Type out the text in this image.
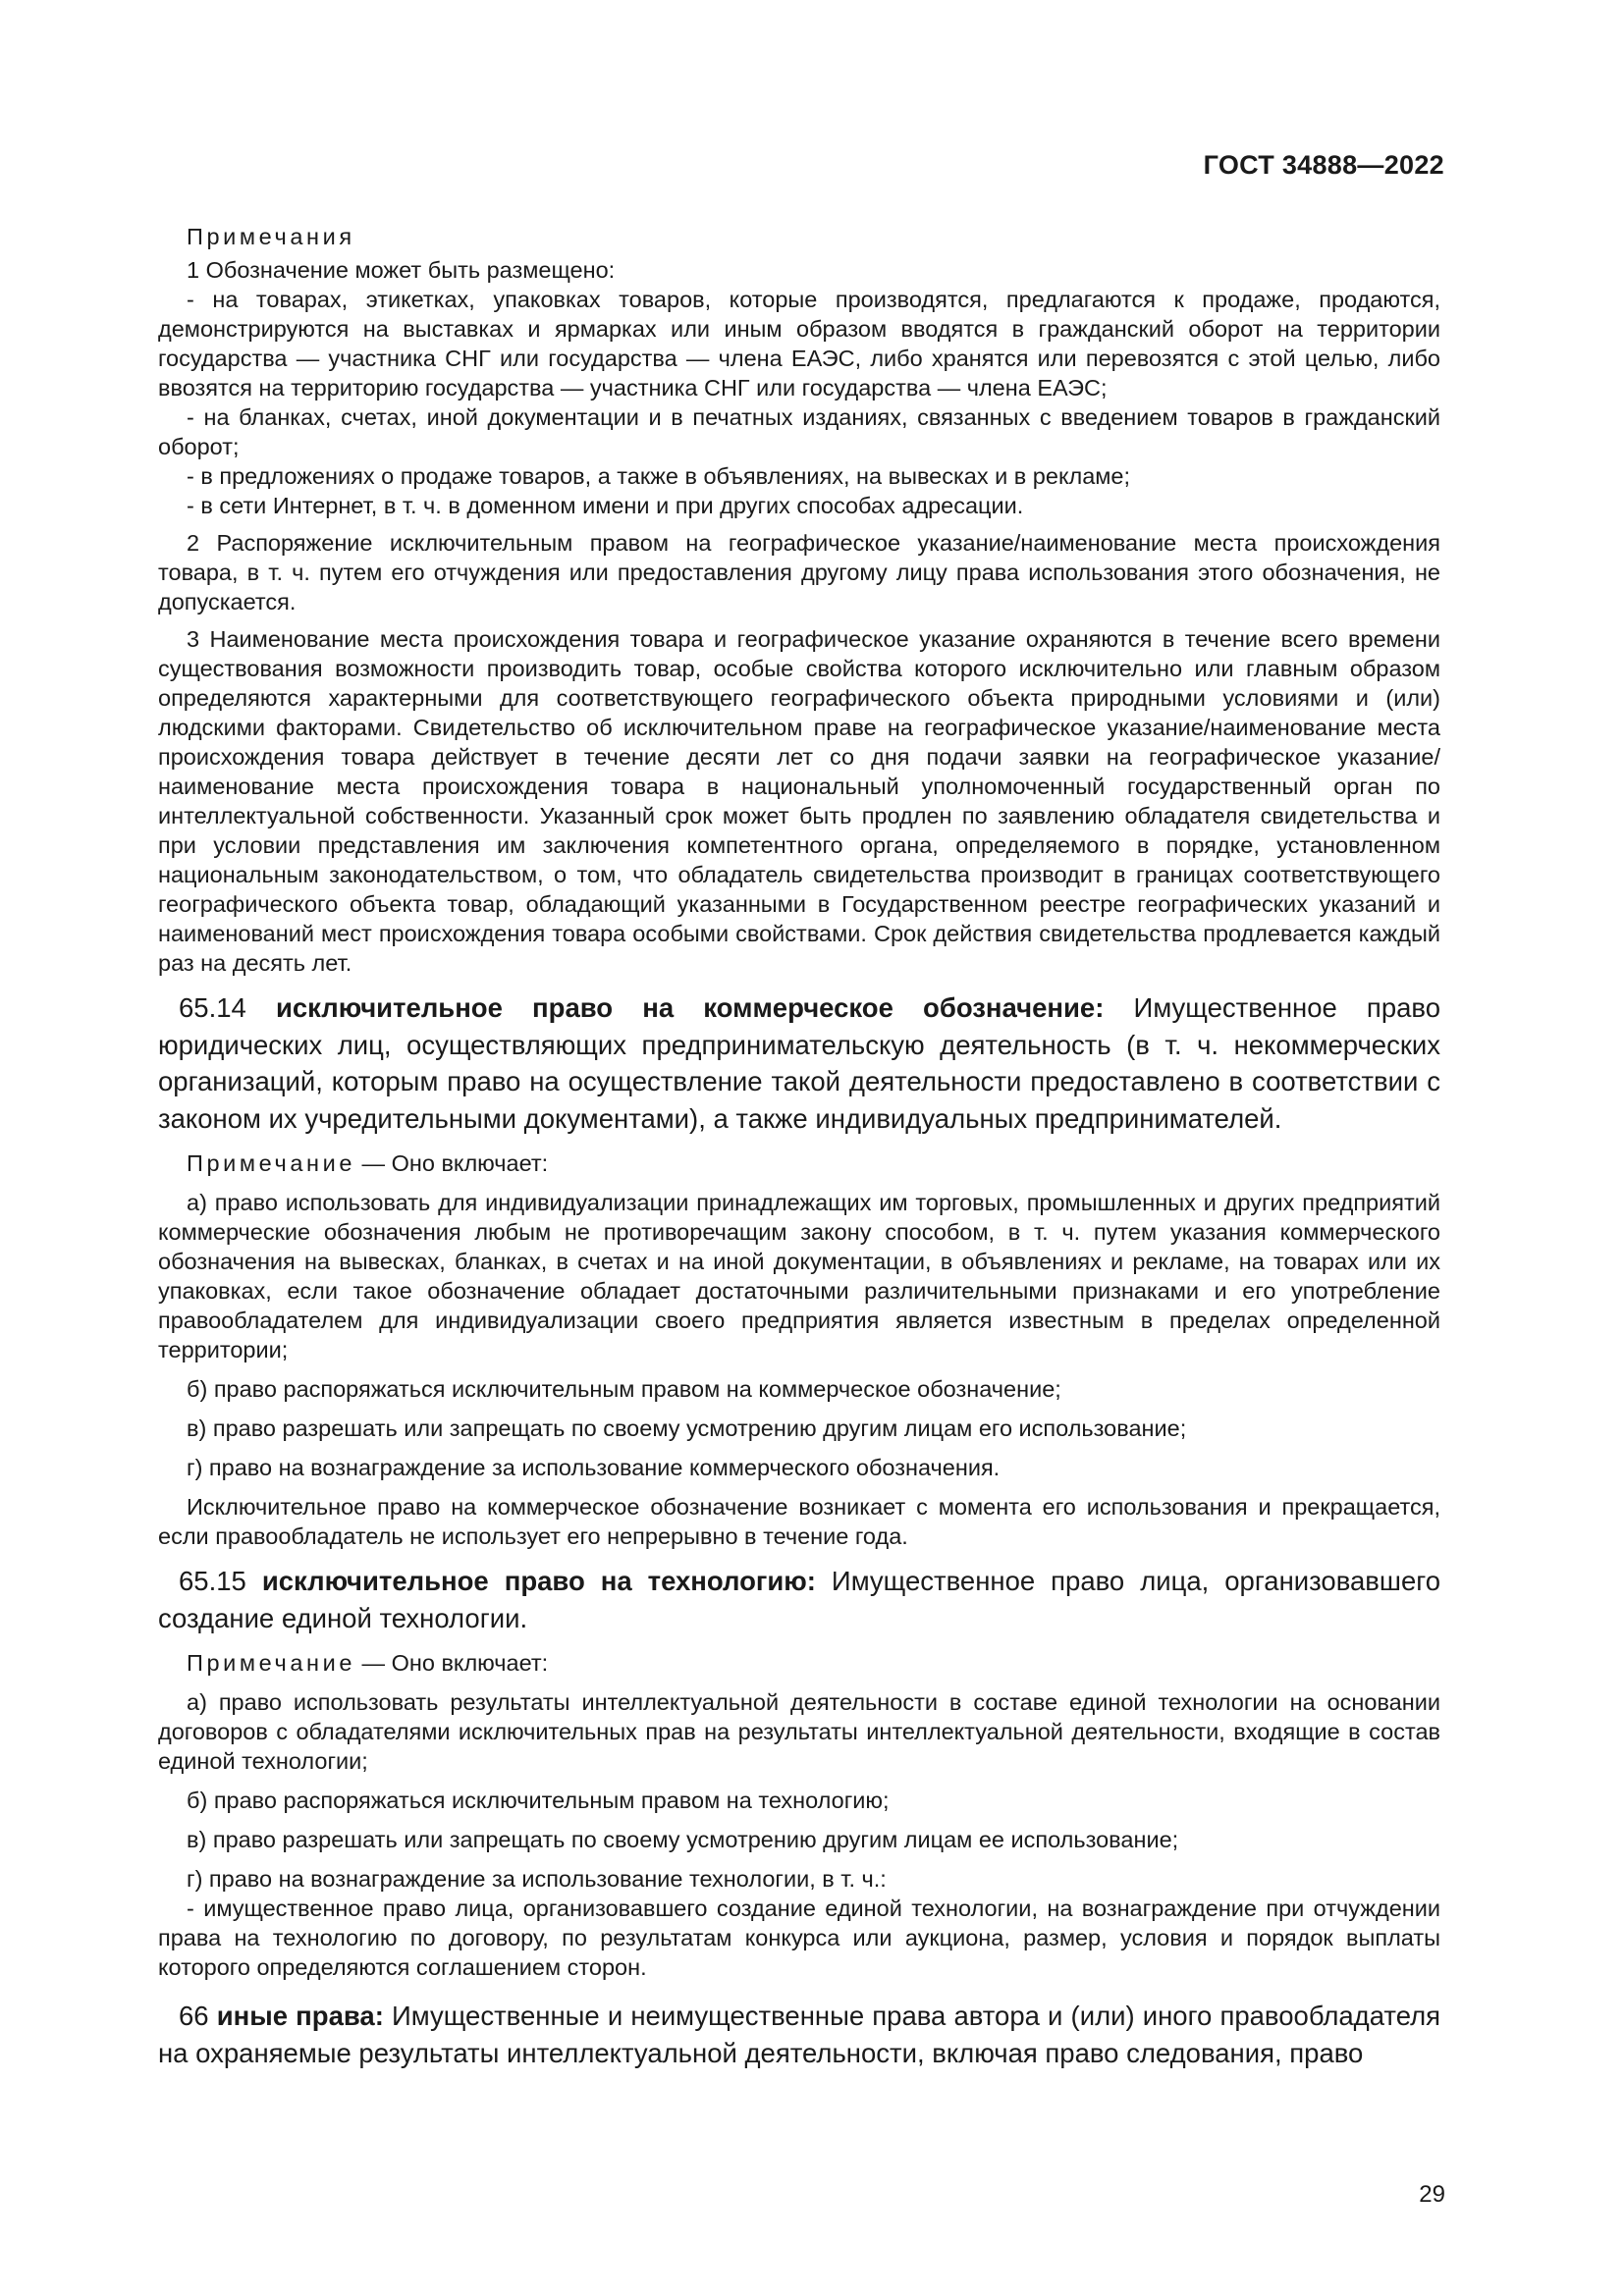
ГОСТ 34888—2022

Примечания

1 Обозначение может быть размещено:

- на товарах, этикетках, упаковках товаров, которые производятся, предлагаются к продаже, продаются, демонстрируются на выставках и ярмарках или иным образом вводятся в гражданский оборот на территории государства — участника СНГ или государства — члена ЕАЭС, либо хранятся или перевозятся с этой целью, либо ввозятся на территорию государства — участника СНГ или государства — члена ЕАЭС;

- на бланках, счетах, иной документации и в печатных изданиях, связанных с введением товаров в гражданский оборот;

- в предложениях о продаже товаров, а также в объявлениях, на вывесках и в рекламе;

- в сети Интернет, в т. ч. в доменном имени и при других способах адресации.

2 Распоряжение исключительным правом на географическое указание/наименование места происхождения товара, в т. ч. путем его отчуждения или предоставления другому лицу права использования этого обозначения, не допускается.

3 Наименование места происхождения товара и географическое указание охраняются в течение всего времени существования возможности производить товар, особые свойства которого исключительно или главным образом определяются характерными для соответствующего географического объекта природными условиями и (или) людскими факторами. Свидетельство об исключительном праве на географическое указание/наименование места происхождения товара действует в течение десяти лет со дня подачи заявки на географическое указание/наименование места происхождения товара в национальный уполномоченный государственный орган по интеллектуальной собственности. Указанный срок может быть продлен по заявлению обладателя свидетельства и при условии представления им заключения компетентного органа, определяемого в порядке, установленном национальным законодательством, о том, что обладатель свидетельства производит в границах соответствующего географического объекта товар, обладающий указанными в Государственном реестре географических указаний и наименований мест происхождения товара особыми свойствами. Срок действия свидетельства продлевается каждый раз на десять лет.

65.14 исключительное право на коммерческое обозначение: Имущественное право юридических лиц, осуществляющих предпринимательскую деятельность (в т. ч. некоммерческих организаций, которым право на осуществление такой деятельности предоставлено в соответствии с законом их учредительными документами), а также индивидуальных предпринимателей.

Примечание — Оно включает:

а) право использовать для индивидуализации принадлежащих им торговых, промышленных и других предприятий коммерческие обозначения любым не противоречащим закону способом, в т. ч. путем указания коммерческого обозначения на вывесках, бланках, в счетах и на иной документации, в объявлениях и рекламе, на товарах или их упаковках, если такое обозначение обладает достаточными различительными признаками и его употребление правообладателем для индивидуализации своего предприятия является известным в пределах определенной территории;

б) право распоряжаться исключительным правом на коммерческое обозначение;

в) право разрешать или запрещать по своему усмотрению другим лицам его использование;

г) право на вознаграждение за использование коммерческого обозначения.

Исключительное право на коммерческое обозначение возникает с момента его использования и прекращается, если правообладатель не использует его непрерывно в течение года.

65.15 исключительное право на технологию: Имущественное право лица, организовавшего создание единой технологии.

Примечание — Оно включает:

а) право использовать результаты интеллектуальной деятельности в составе единой технологии на основании договоров с обладателями исключительных прав на результаты интеллектуальной деятельности, входящие в состав единой технологии;

б) право распоряжаться исключительным правом на технологию;

в) право разрешать или запрещать по своему усмотрению другим лицам ее использование;

г) право на вознаграждение за использование технологии, в т. ч.:

- имущественное право лица, организовавшего создание единой технологии, на вознаграждение при отчуждении права на технологию по договору, по результатам конкурса или аукциона, размер, условия и порядок выплаты которого определяются соглашением сторон.

66 иные права: Имущественные и неимущественные права автора и (или) иного правообладателя на охраняемые результаты интеллектуальной деятельности, включая право следования, право

29
